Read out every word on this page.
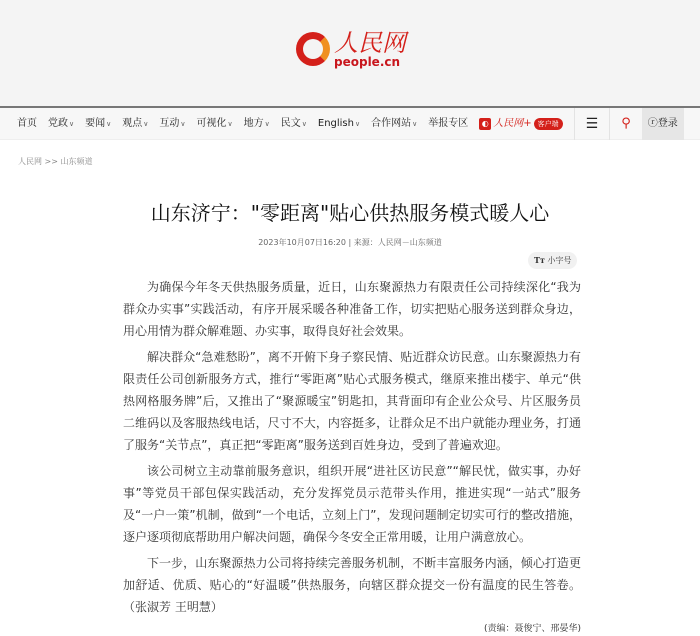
人民网
people.cn
首页 党政∨ 要闻∨ 观点∨ 互动∨ 可视化∨ 地方∨ 民文∨ English∨ 合作网站∨ 举报专区	◐ 人民网+ 客户端 ☰ ⚲	ⓡ登录
人民网 >> 山东频道
山东济宁："零距离"贴心供热服务模式暖人心
2023年10月07日16:20 | 来源：人民网－山东频道
Tт 小字号

为确保今年冬天供热服务质量，近日，山东聚源热力有限责任公司持续深化“我为群众办实事”实践活动，有序开展采暖各种准备工作，切实把贴心服务送到群众身边，用心用情为群众解难题、办实事，取得良好社会效果。

解决群众“急难愁盼”，离不开俯下身子察民情、贴近群众访民意。山东聚源热力有限责任公司创新服务方式，推行“零距离”贴心式服务模式，继原来推出楼宇、单元“供热网格服务牌”后，又推出了“聚源暖宝”钥匙扣，其背面印有企业公众号、片区服务员二维码以及客服热线电话，尺寸不大，内容挺多，让群众足不出户就能办理业务，打通了服务“关节点”，真正把“零距离”服务送到百姓身边，受到了普遍欢迎。

该公司树立主动靠前服务意识，组织开展“进社区访民意”“解民忧，做实事，办好事”等党员干部包保实践活动，充分发挥党员示范带头作用，推进实现“一站式”服务及“一户一策”机制，做到“一个电话，立刻上门”，发现问题制定切实可行的整改措施，逐户逐项彻底帮助用户解决问题，确保今冬安全正常用暖，让用户满意放心。

下一步，山东聚源热力公司将持续完善服务机制，不断丰富服务内涵，倾心打造更加舒适、优质、贴心的“好温暖”供热服务，向辖区群众提交一份有温度的民生答卷。（张淑芳 王明慧）

(责编：聂俊宁、邢晏华)
